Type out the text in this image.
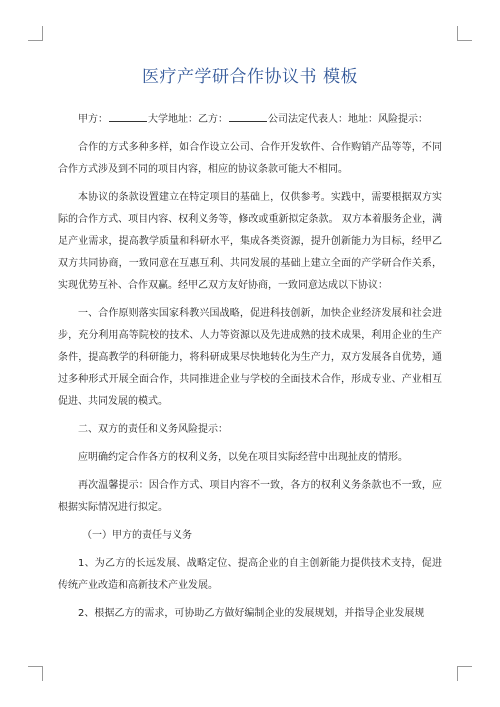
医疗产学研合作协议书 模板

甲方：	大学地址：乙方：	公司法定代表人：地址：风险提示：

合作的方式多种多样，如合作设立公司、合作开发软件、合作购销产品等等，不同合作方式涉及到不同的项目内容，相应的协议条款可能大不相同。

本协议的条款设置建立在特定项目的基础上，仅供参考。实践中，需要根据双方实际的合作方式、项目内容、权利义务等，修改或重新拟定条款。 双方本着服务企业，满足产业需求，提高教学质量和科研水平，集成各类资源，提升创新能力为目标，经甲乙双方共同协商，一致同意在互惠互利、共同发展的基础上建立全面的产学研合作关系，实现优势互补、合作双赢。经甲乙双方友好协商，一致同意达成以下协议：

一、合作原则落实国家科教兴国战略，促进科技创新，加快企业经济发展和社会进步，充分利用高等院校的技术、人力等资源以及先进成熟的技术成果，利用企业的生产条件，提高教学的科研能力，将科研成果尽快地转化为生产力，双方发展各自优势，通过多种形式开展全面合作，共同推进企业与学校的全面技术合作，形成专业、产业相互促进、共同发展的模式。

二、双方的责任和义务风险提示：

应明确约定合作各方的权利义务，以免在项目实际经营中出现扯皮的情形。

再次温馨提示：因合作方式、项目内容不一致，各方的权利义务条款也不一致，应根据实际情况进行拟定。

（一）甲方的责任与义务

1、为乙方的长远发展、战略定位、提高企业的自主创新能力提供技术支持，促进传统产业改造和高新技术产业发展。

2、根据乙方的需求，可协助乙方做好编制企业的发展规划，并指导企业发展规
